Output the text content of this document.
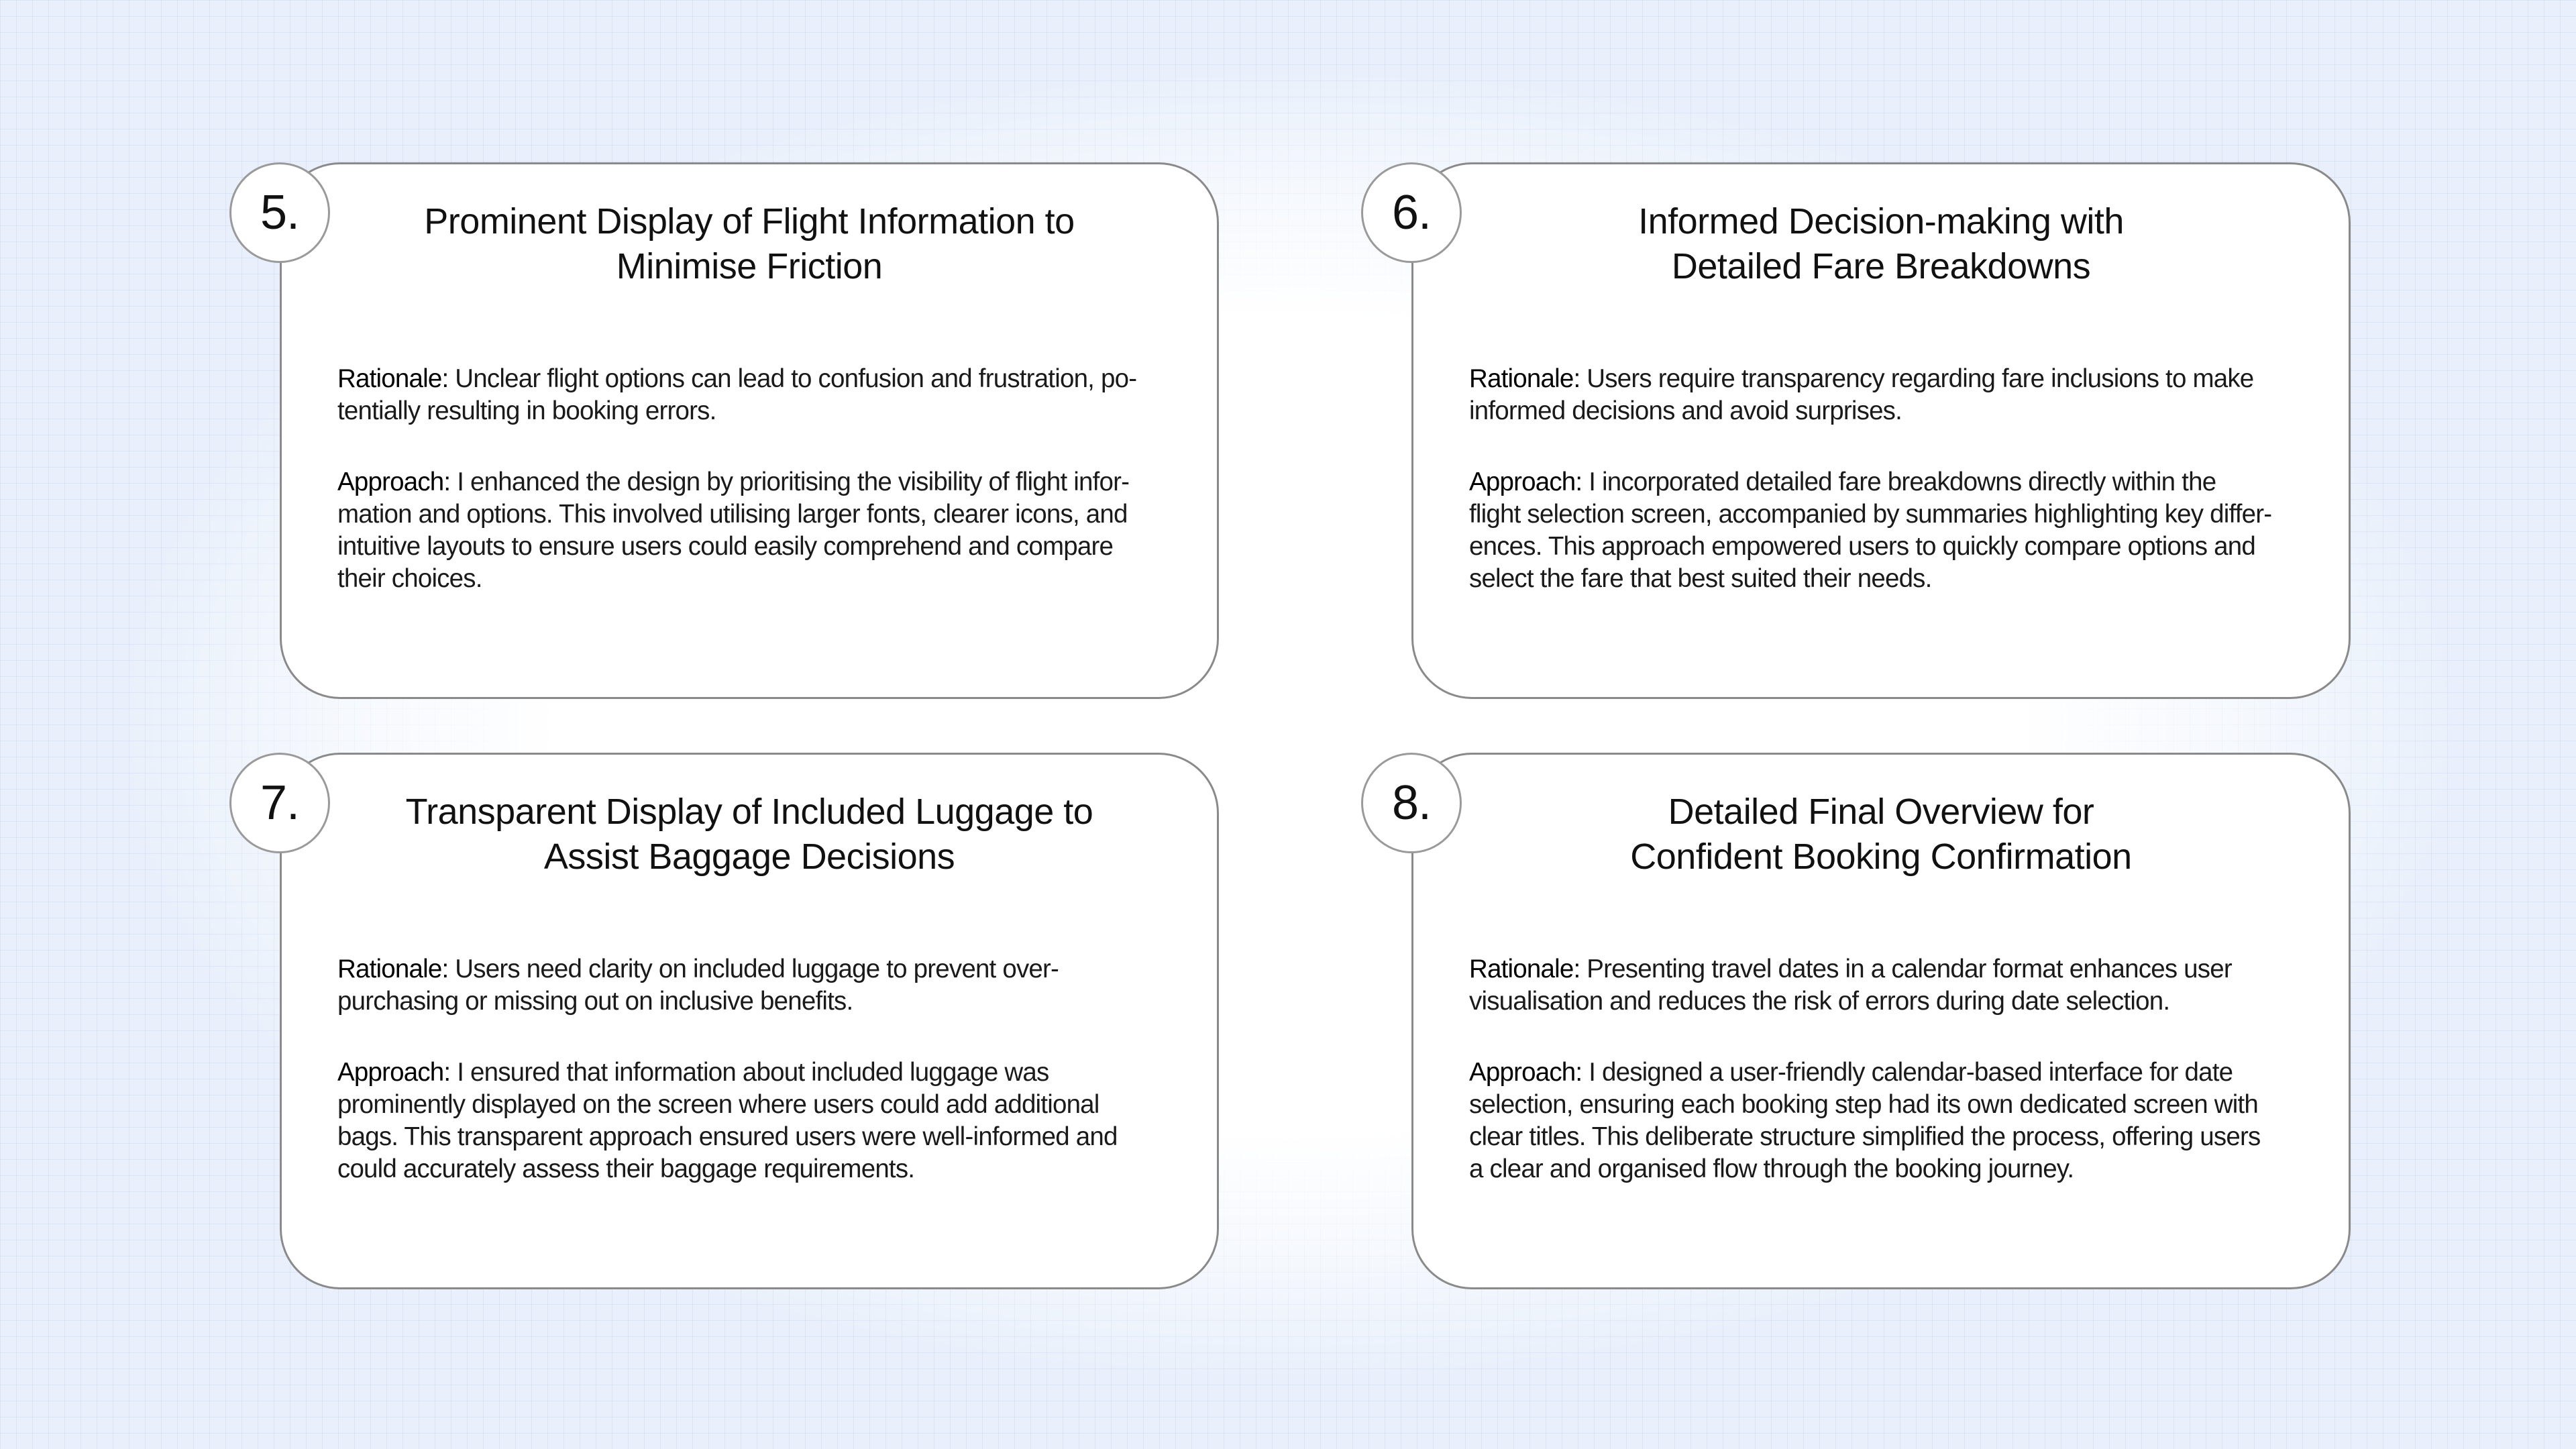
5.	Prominent Display of Flight Information to
Minimise Friction

Rationale: Unclear flight options can lead to confusion and frustration, po-
tentially resulting in booking errors.

Approach: I enhanced the design by prioritising the visibility of flight infor-
mation and options. This involved utilising larger fonts, clearer icons, and
intuitive layouts to ensure users could easily comprehend and compare
their choices.

6.	Informed Decision-making with
Detailed Fare Breakdowns

Rationale: Users require transparency regarding fare inclusions to make
informed decisions and avoid surprises.

Approach: I incorporated detailed fare breakdowns directly within the
flight selection screen, accompanied by summaries highlighting key differ-
ences. This approach empowered users to quickly compare options and
select the fare that best suited their needs.

7.	Transparent Display of Included Luggage to
Assist Baggage Decisions

Rationale: Users need clarity on included luggage to prevent over-
purchasing or missing out on inclusive benefits.

Approach: I ensured that information about included luggage was
prominently displayed on the screen where users could add additional
bags. This transparent approach ensured users were well-informed and
could accurately assess their baggage requirements.

8.	Detailed Final Overview for
Confident Booking Confirmation

Rationale: Presenting travel dates in a calendar format enhances user
visualisation and reduces the risk of errors during date selection.

Approach: I designed a user-friendly calendar-based interface for date
selection, ensuring each booking step had its own dedicated screen with
clear titles. This deliberate structure simplified the process, offering users
a clear and organised flow through the booking journey.
